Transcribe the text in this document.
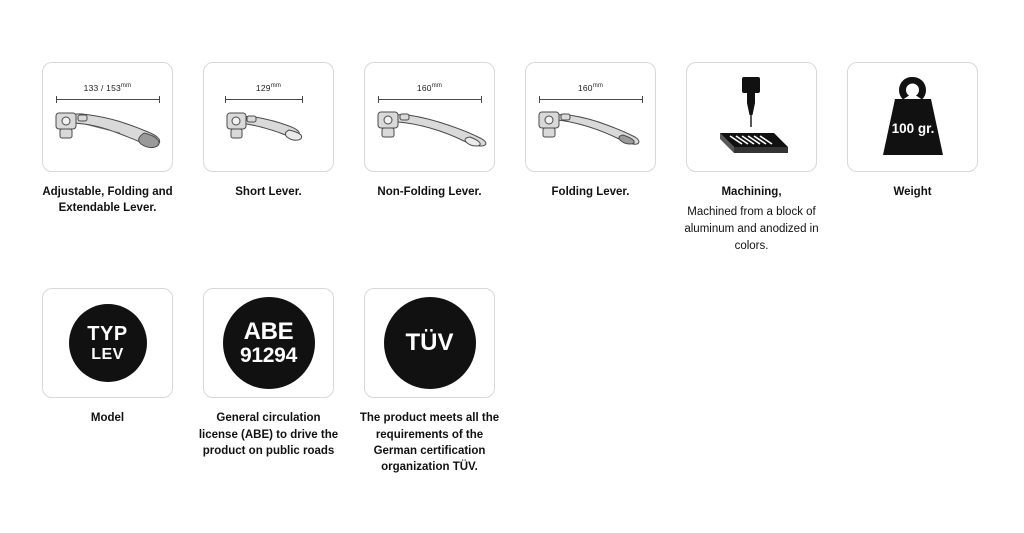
$133 / 153^{mm}$
Adjustable, Folding and Extendable Lever.
$129^{mm}$
Short Lever.
$160^{mm}$
Non-Folding Lever.
$160^{mm}$
Folding Lever.	Machining,
Machined from a block of aluminum and anodized in colors.
100 gr.
Weight
TYP
LEV
Model
ABE
91294
General circulation license (ABE) to drive the product on public roads
TÜV
The product meets all the requirements of the German certification organization TÜV.
